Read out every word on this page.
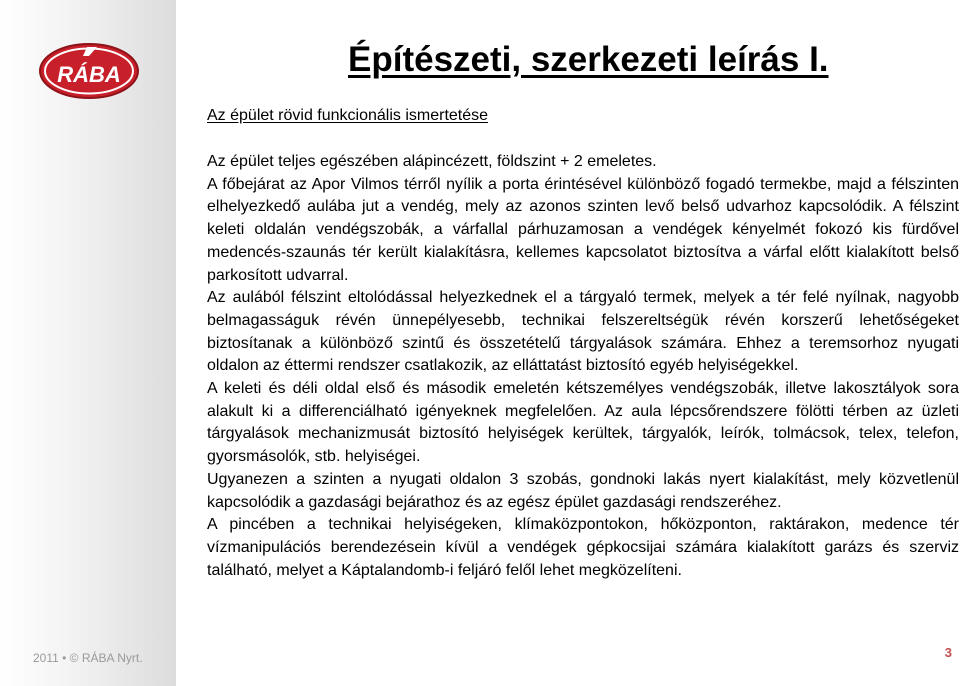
RÁBA	Építészeti, szerkezeti leírás I.
Az épület rövid funkcionális ismertetése

Az épület teljes egészében alápincézett, földszint + 2 emeletes.

A főbejárat az Apor Vilmos térről nyílik a porta érintésével különböző fogadó termekbe, majd a félszinten elhelyezkedő aulába jut a vendég, mely az azonos szinten levő belső udvarhoz kapcsolódik. A félszint keleti oldalán vendégszobák, a várfallal párhuzamosan a vendégek kényelmét fokozó kis fürdővel medencés-szaunás tér került kialakításra, kellemes kapcsolatot biztosítva a várfal előtt kialakított belső parkosított udvarral.

Az aulából félszint eltolódással helyezkednek el a tárgyaló termek, melyek a tér felé nyílnak, nagyobb belmagasságuk révén ünnepélyesebb, technikai felszereltségük révén korszerű lehetőségeket biztosítanak a különböző szintű és összetételű tárgyalások számára. Ehhez a teremsorhoz nyugati oldalon az éttermi rendszer csatlakozik, az elláttatást biztosító egyéb helyiségekkel.

A keleti és déli oldal első és második emeletén kétszemélyes vendégszobák, illetve lakosztályok sora alakult ki a differenciálható igényeknek megfelelően. Az aula lépcsőrendszere fölötti térben az üzleti tárgyalások mechanizmusát biztosító helyiségek kerültek, tárgyalók, leírók, tolmácsok, telex, telefon, gyorsmásolók, stb. helyiségei.

Ugyanezen a szinten a nyugati oldalon 3 szobás, gondnoki lakás nyert kialakítást, mely közvetlenül kapcsolódik a gazdasági bejárathoz és az egész épület gazdasági rendszeréhez.

A pincében a technikai helyiségeken, klímaközpontokon, hőközponton, raktárakon, medence tér vízmanipulációs berendezésein kívül a vendégek gépkocsijai számára kialakított garázs és szerviz található, melyet a Káptalandomb-i feljáró felől lehet megközelíteni.

2011 • © RÁBA Nyrt.	3
